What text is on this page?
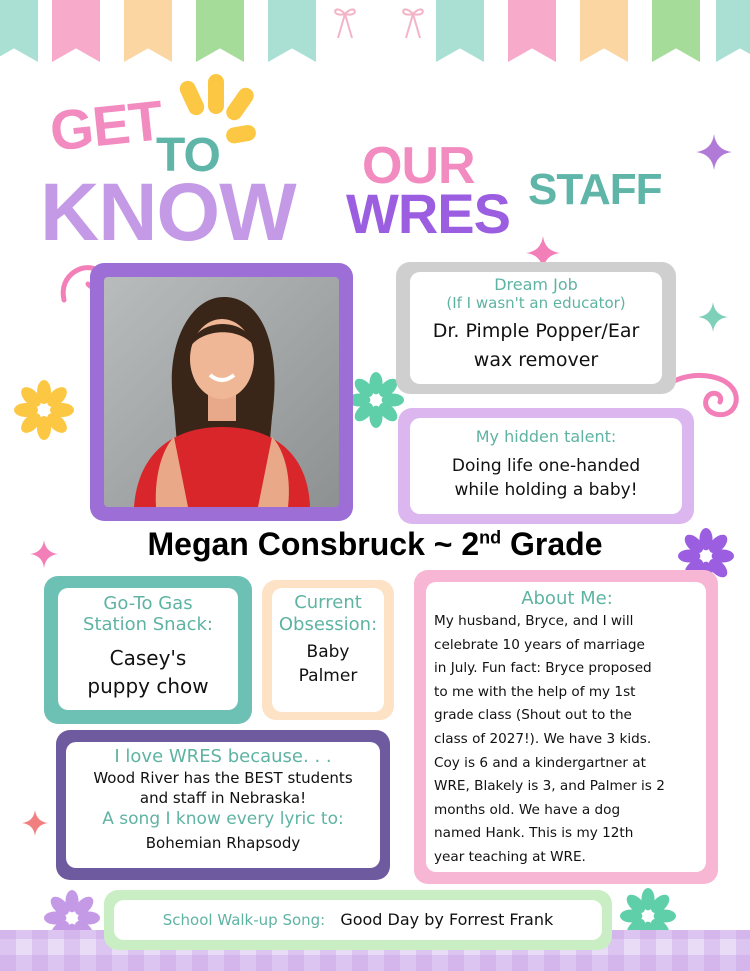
GET
TO
KNOW
OUR
WRES STAFF
Dream Job
(If I wasn't an educator)
Dr. Pimple Popper/Ear
wax remover
My hidden talent:
Doing life one-handed
while holding a baby!
Megan Consbruck ~ 2nd Grade
Go-To Gas
Station Snack:
Casey's
puppy chow
Current
Obsession:
Baby
Palmer
About Me:
My husband, Bryce, and I will
celebrate 10 years of marriage
in July. Fun fact: Bryce proposed
to me with the help of my 1st
grade class (Shout out to the
class of 2027!). We have 3 kids.
Coy is 6 and a kindergartner at
WRE, Blakely is 3, and Palmer is 2
months old. We have a dog
named Hank. This is my 12th
year teaching at WRE.
I love WRES because. . .
Wood River has the BEST students
and staff in Nebraska!
A song I know every lyric to:
Bohemian Rhapsody
School Walk-up Song: Good Day by Forrest Frank
